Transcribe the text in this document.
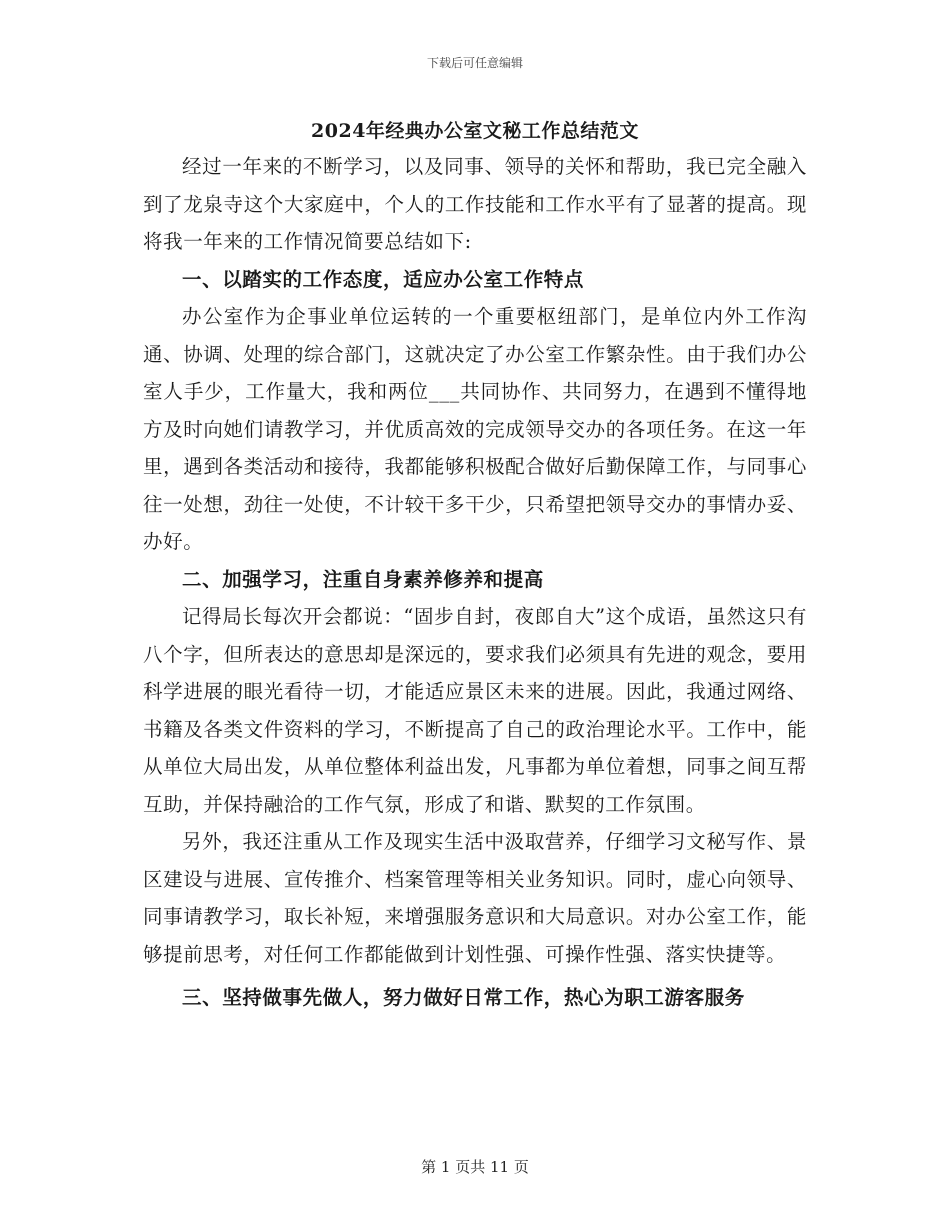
下载后可任意编辑
2024年经典办公室文秘工作总结范文

经过一年来的不断学习，以及同事、领导的关怀和帮助，我已完全融入到了龙泉寺这个大家庭中，个人的工作技能和工作水平有了显著的提高。现将我一年来的工作情况简要总结如下:

一、以踏实的工作态度，适应办公室工作特点

办公室作为企事业单位运转的一个重要枢纽部门，是单位内外工作沟通、协调、处理的综合部门，这就决定了办公室工作繁杂性。由于我们办公室人手少，工作量大，我和两位___共同协作、共同努力，在遇到不懂得地方及时向她们请教学习，并优质高效的完成领导交办的各项任务。在这一年里，遇到各类活动和接待，我都能够积极配合做好后勤保障工作，与同事心往一处想，劲往一处使，不计较干多干少，只希望把领导交办的事情办妥、办好。

二、加强学习，注重自身素养修养和提高

记得局长每次开会都说：“固步自封，夜郎自大”这个成语，虽然这只有八个字，但所表达的意思却是深远的，要求我们必须具有先进的观念，要用科学进展的眼光看待一切，才能适应景区未来的进展。因此，我通过网络、书籍及各类文件资料的学习，不断提高了自己的政治理论水平。工作中，能从单位大局出发，从单位整体利益出发，凡事都为单位着想，同事之间互帮互助，并保持融洽的工作气氛，形成了和谐、默契的工作氛围。

另外，我还注重从工作及现实生活中汲取营养，仔细学习文秘写作、景区建设与进展、宣传推介、档案管理等相关业务知识。同时，虚心向领导、同事请教学习，取长补短，来增强服务意识和大局意识。对办公室工作，能够提前思考，对任何工作都能做到计划性强、可操作性强、落实快捷等。

三、坚持做事先做人，努力做好日常工作，热心为职工游客服务

第 1 页共 11 页
